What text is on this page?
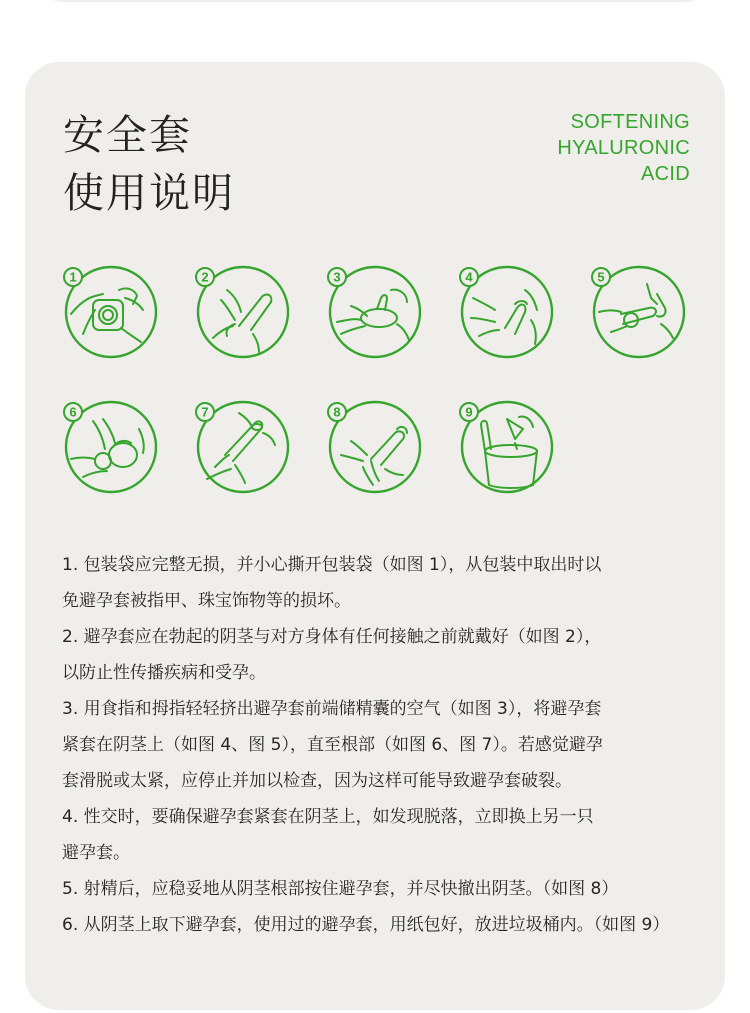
安全套
使用说明
SOFTENING
HYALURONIC
ACID
1	2	3	4	5
6	7	8	9
1. 包装袋应完整无损，并小心撕开包装袋（如图 1），从包装中取出时以
免避孕套被指甲、珠宝饰物等的损坏。
2. 避孕套应在勃起的阴茎与对方身体有任何接触之前就戴好（如图 2），
以防止性传播疾病和受孕。
3. 用食指和拇指轻轻挤出避孕套前端储精囊的空气（如图 3），将避孕套
紧套在阴茎上（如图 4、图 5），直至根部（如图 6、图 7）。若感觉避孕
套滑脱或太紧，应停止并加以检查，因为这样可能导致避孕套破裂。
4. 性交时，要确保避孕套紧套在阴茎上，如发现脱落，立即换上另一只
避孕套。
5. 射精后，应稳妥地从阴茎根部按住避孕套，并尽快撤出阴茎。（如图 8）
6. 从阴茎上取下避孕套，使用过的避孕套，用纸包好，放进垃圾桶内。（如图 9）
